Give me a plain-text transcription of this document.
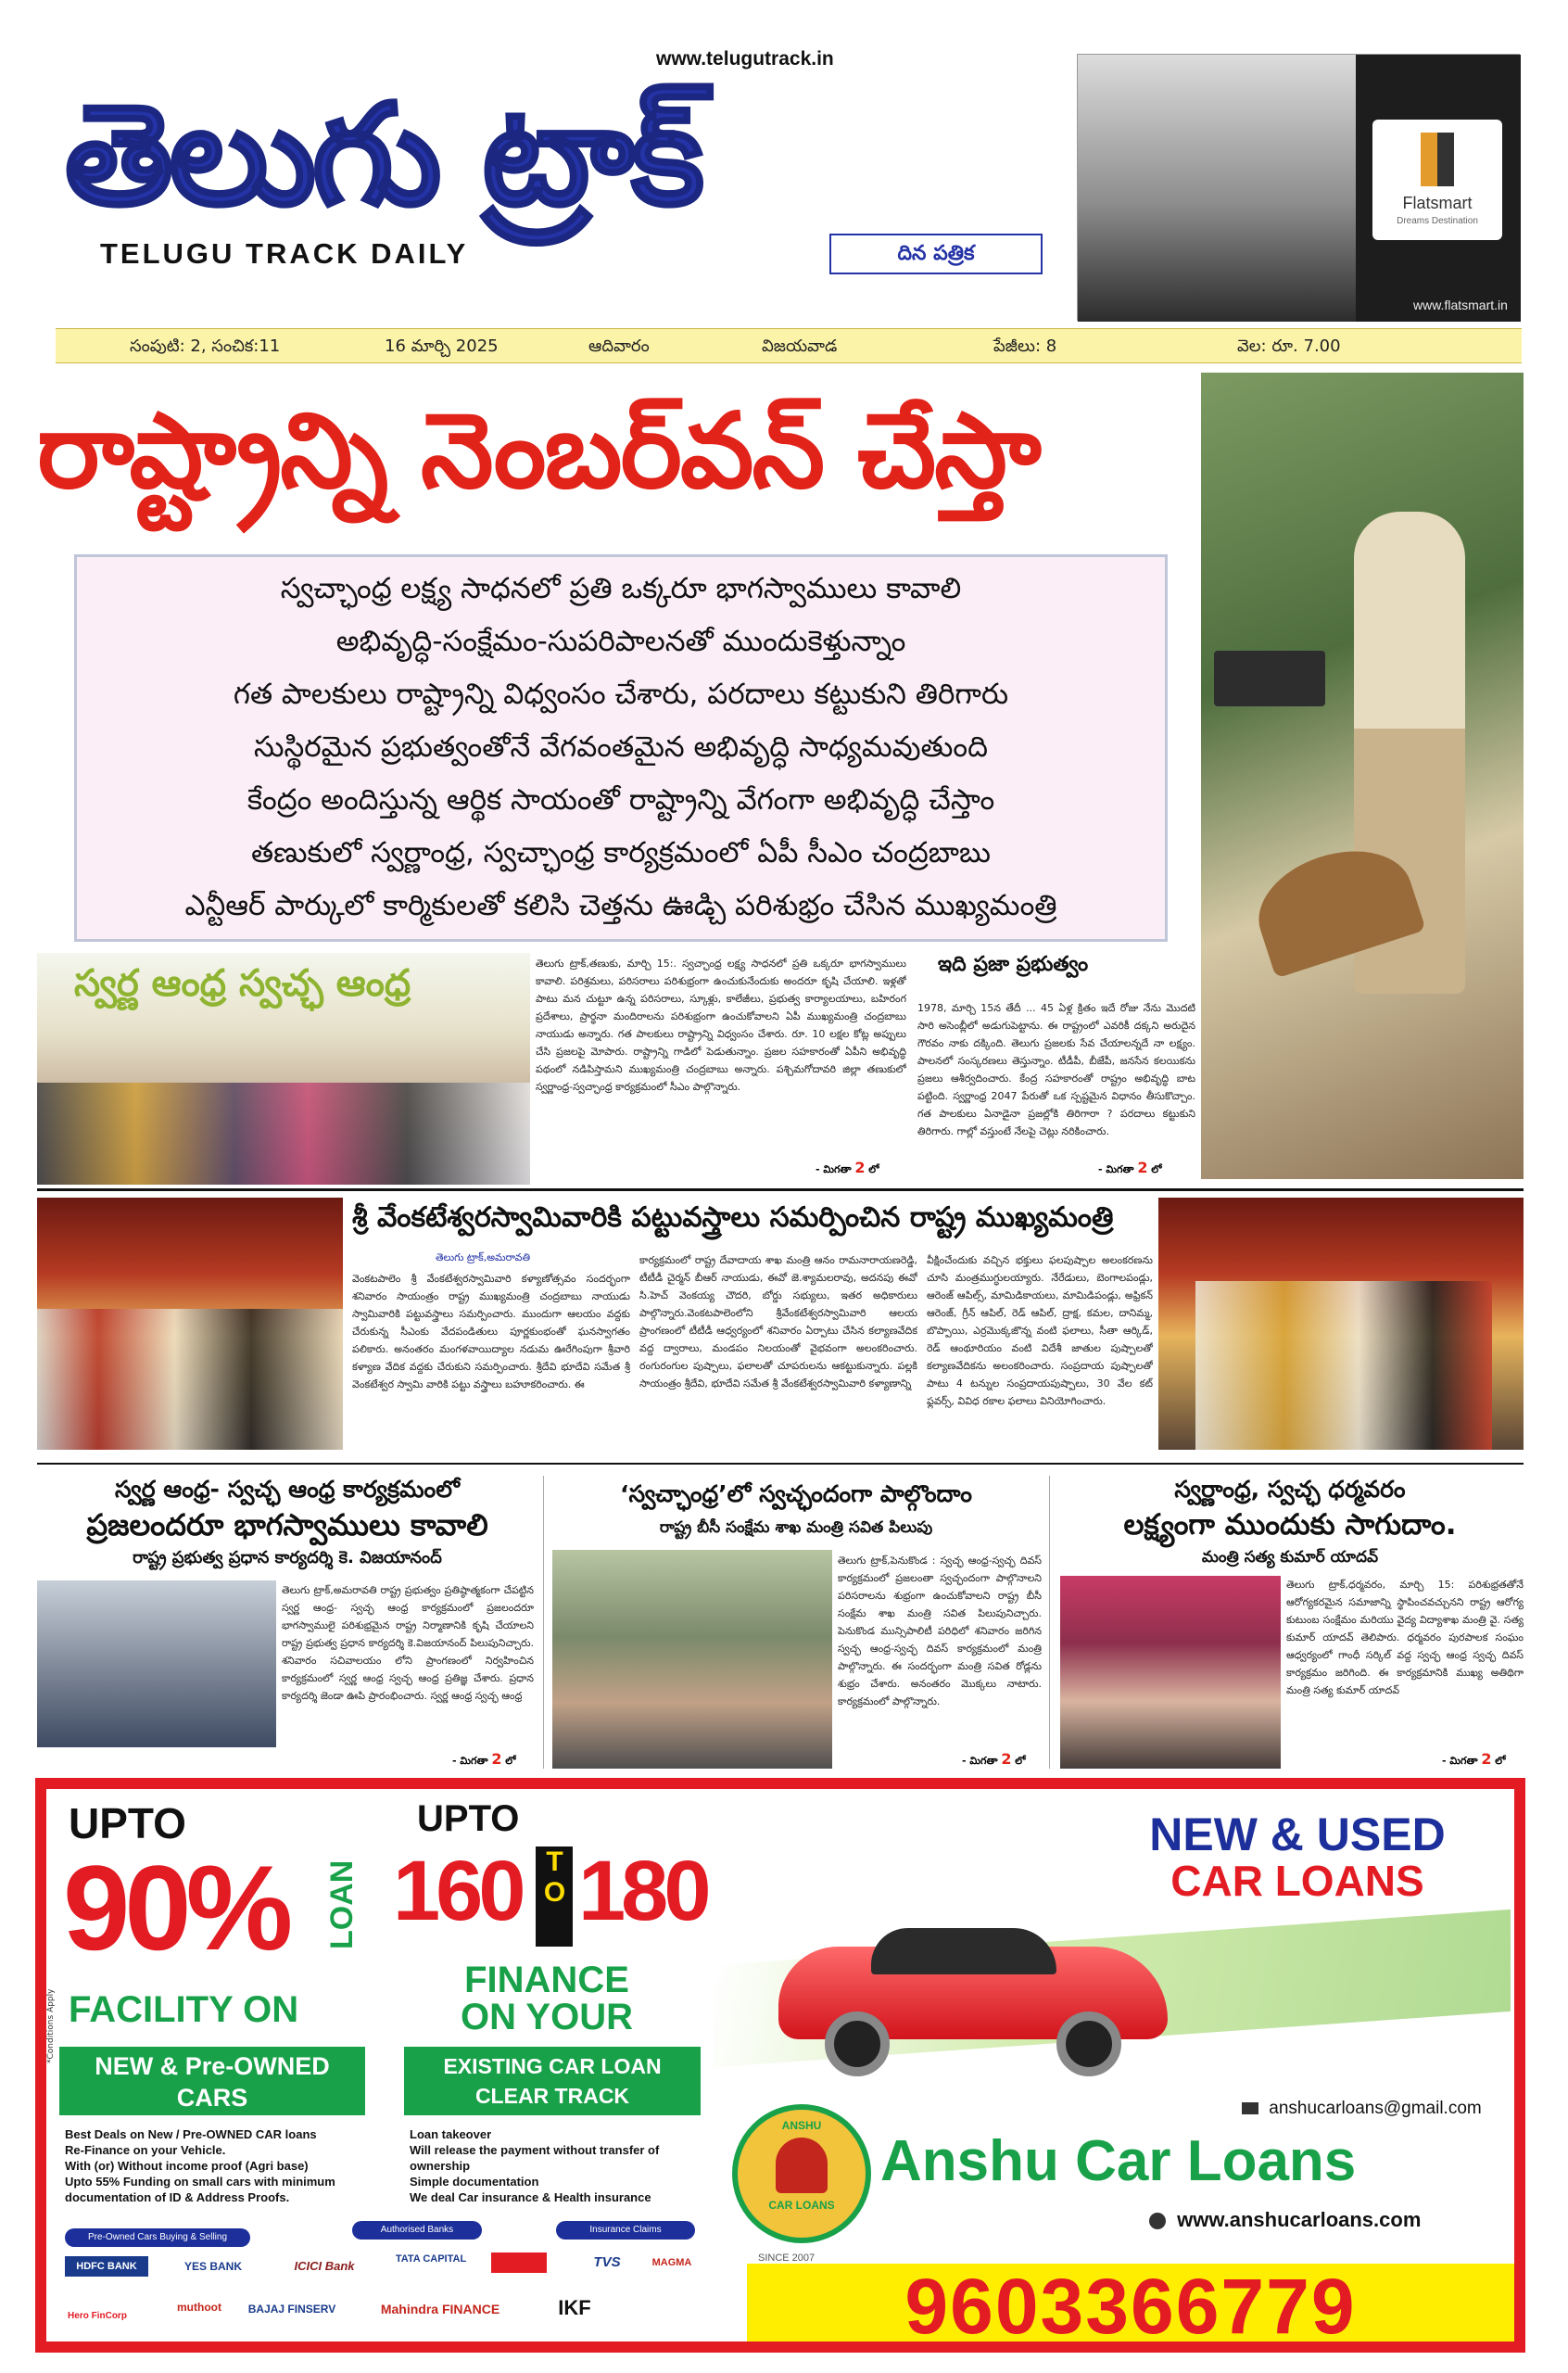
www.telugutrack.in
తెలుగు ట్రాక్
TELUGU TRACK DAILY	దిన పత్రిక
Flatsmart
Dreams Destination
www.flatsmart.in
సంపుటి: 2, సంచిక:11	16 మార్చి 2025	ఆదివారం	విజయవాడ	పేజీలు: 8	వెల: రూ. 7.00
రాష్ట్రాన్ని నెంబర్‌వన్ చేస్తా
స్వచ్ఛాంధ్ర లక్ష్య సాధనలో ప్రతి ఒక్కరూ భాగస్వాములు కావాలి
అభివృద్ధి-సంక్షేమం-సుపరిపాలనతో ముందుకెళ్తున్నాం
గత పాలకులు రాష్ట్రాన్ని విధ్వంసం చేశారు, పరదాలు కట్టుకుని తిరిగారు
సుస్థిరమైన ప్రభుత్వంతోనే వేగవంతమైన అభివృద్ధి సాధ్యమవుతుంది
కేంద్రం అందిస్తున్న ఆర్థిక సాయంతో రాష్ట్రాన్ని వేగంగా అభివృద్ధి చేస్తాం
తణుకులో స్వర్ణాంధ్ర, స్వచ్ఛాంధ్ర కార్యక్రమంలో ఏపీ సీఎం చంద్రబాబు
ఎన్టీఆర్ పార్కులో కార్మికులతో కలిసి చెత్తను ఊడ్చి పరిశుభ్రం చేసిన ముఖ్యమంత్రి
స్వర్ణ ఆంధ్ర స్వచ్ఛ ఆంధ్ర	తెలుగు ట్రాక్,తణుకు, మార్చి 15:. స్వచ్ఛాంధ్ర లక్ష్య సాధనలో ప్రతి ఒక్కరూ భాగస్వాములు కావాలి. పరిశ్రమలు, పరిసరాలు పరిశుభ్రంగా ఉంచుకునేందుకు అందరూ కృషి చేయాలి. ఇళ్లతో పాటు మన చుట్టూ ఉన్న పరిసరాలు, స్కూళ్లు, కాలేజీలు, ప్రభుత్వ కార్యాలయాలు, బహిరంగ ప్రదేశాలు, ప్రార్థనా మందిరాలను పరిశుభ్రంగా ఉంచుకోవాలని ఏపీ ముఖ్యమంత్రి చంద్రబాబు నాయుడు అన్నారు. గత పాలకులు రాష్ట్రాన్ని విధ్వంసం చేశారు. రూ. 10 లక్షల కోట్ల అప్పులు చేసి ప్రజలపై మోపారు. రాష్ట్రాన్ని గాడిలో పెడుతున్నాం. ప్రజల సహకారంతో ఏపీని అభివృద్ధి పథంలో నడిపిస్తామని ముఖ్యమంత్రి చంద్రబాబు అన్నారు. పశ్చిమగోదావరి జిల్లా తణుకులో స్వర్ణాంధ్ర-స్వచ్ఛాంధ్ర కార్యక్రమంలో సీఎం పాల్గొన్నారు.
- మిగతా 2 లో
ఇది ప్రజా ప్రభుత్వం
1978, మార్చి 15న తేదీ ... 45 ఏళ్ల క్రితం ఇదే రోజు నేను మొదటి సారి అసెంబ్లీలో అడుగుపెట్టాను. ఈ రాష్ట్రంలో ఎవరికీ దక్కని అరుదైన గౌరవం నాకు దక్కింది. తెలుగు ప్రజలకు సేవ చేయాలన్నదే నా లక్ష్యం. పాలనలో సంస్కరణలు తెస్తున్నాం. టీడీపీ, బీజేపీ, జనసేన కలయికను ప్రజలు ఆశీర్వదించారు. కేంద్ర సహకారంతో రాష్ట్రం అభివృద్ధి బాట పట్టింది. స్వర్ణాంధ్ర 2047 పేరుతో ఒక స్పష్టమైన విధానం తీసుకొచ్చాం. గత పాలకులు ఏనాడైనా ప్రజల్లోకి తిరిగారా ? పరదాలు కట్టుకుని తిరిగారు. గాల్లో వస్తుంటే నేలపై చెట్లు నరికించారు.
- మిగతా 2 లో
శ్రీ వేంకటేశ్వరస్వామివారికి పట్టువస్త్రాలు సమర్పించిన రాష్ట్ర ముఖ్యమంత్రి
తెలుగు ట్రాక్,అమరావతి
వెంకటపాలెం శ్రీ వేంకటేశ్వరస్వామివారి కళ్యాణోత్సవం సందర్భంగా శనివారం సాయంత్రం రాష్ట్ర ముఖ్యమంత్రి చంద్రబాబు నాయుడు స్వామివారికి పట్టువస్త్రాలు సమర్పించారు. ముందుగా ఆలయం వద్దకు చేరుకున్న సీఎంకు వేదపండితులు పూర్ణకుంభంతో ఘనస్వాగతం పలికారు. అనంతరం మంగళవాయిద్యాల నడుమ ఊరేగింపుగా శ్రీవారి కళ్యాణ వేదిక వద్దకు చేరుకుని సమర్పించారు. శ్రీదేవి భూదేవి సమేత శ్రీ వెంకటేశ్వర స్వామి వారికి పట్టు వస్త్రాలు బహూకరించారు. ఈ
కార్యక్రమంలో రాష్ట్ర దేవాదాయ శాఖ మంత్రి ఆనం రామనారాయణరెడ్డి, టీటీడీ చైర్మన్ బీఆర్ నాయుడు, ఈవో జె.శ్యామలరావు, అదనపు ఈవో సి.హెచ్ వెంకయ్య చౌదరి, బోర్డు సభ్యులు, ఇతర అధికారులు పాల్గొన్నారు.వెంకటపాలెంలోని శ్రీవేంకటేశ్వరస్వామివారి ఆలయ ప్రాంగణంలో టీటీడీ ఆధ్వర్యంలో శనివారం ఏర్పాటు చేసిన కల్యాణవేదిక వద్ద ద్వారాలు, మండపం నిలయంతో వైభవంగా అలంకరించారు. రంగురంగుల పుష్పాలు, ఫలాలతో చూపరులను ఆకట్టుకున్నారు. పల్లకి సాయంత్రం శ్రీదేవి, భూదేవి సమేత శ్రీ వేంకటేశ్వరస్వామివారి కళ్యాణాన్ని
వీక్షించేందుకు వచ్చిన భక్తులు ఫలపుష్పాల అలంకరణను చూసి మంత్రముగ్ధులయ్యారు. నేరేడులు, బెంగాలపండ్లు, ఆరెంజ్ ఆపిల్స్, మామిడికాయలు, మామిడిపండ్లు, అఫ్రికన్ ఆరెంజ్, గ్రీన్ ఆపిల్, రెడ్ ఆపిల్, ద్రాక్ష, కమల, దానిమ్మ, బొప్పాయి, ఎర్రమొక్కజొన్న వంటి ఫలాలు, సీతా ఆర్కిడ్, రెడ్ ఆంథూరియం వంటి విదేశీ జాతుల పుష్పాలతో కల్యాణవేదికను అలంకరించారు. సంప్రదాయ పుష్పాలతో పాటు 4 టన్నుల సంప్రదాయపుష్పాలు, 30 వేల కట్ ఫ్లవర్స్, వివిధ రకాల ఫలాలు వినియోగించారు.
స్వర్ణ ఆంధ్ర- స్వచ్ఛ ఆంధ్ర కార్యక్రమంలో
ప్రజలందరూ భాగస్వాములు కావాలి
రాష్ట్ర ప్రభుత్వ ప్రధాన కార్యదర్శి కె. విజయానంద్
తెలుగు ట్రాక్,అమరావతి రాష్ట్ర ప్రభుత్వం ప్రతిష్ఠాత్మకంగా చేపట్టిన స్వర్ణ ఆంధ్ర- స్వచ్ఛ ఆంధ్ర కార్యక్రమంలో ప్రజలందరూ భాగస్వాములై పరిశుభ్రమైన రాష్ట్ర నిర్మాణానికి కృషి చేయాలని రాష్ట్ర ప్రభుత్వ ప్రధాన కార్యదర్శి కె.విజయానంద్ పిలుపునిచ్చారు. శనివారం సచివాలయం లోని ప్రాంగణంలో నిర్వహించిన కార్యక్రమంలో స్వర్ణ ఆంధ్ర స్వచ్ఛ ఆంధ్ర ప్రతిజ్ఞ చేశారు. ప్రధాన కార్యదర్శి జెండా ఊపి ప్రారంభించారు. స్వర్ణ ఆంధ్ర స్వచ్ఛ ఆంధ్ర
- మిగతా 2 లో
‘స్వచ్ఛాంధ్ర’లో స్వచ్ఛందంగా పాల్గొందాం
రాష్ట్ర బీసీ సంక్షేమ శాఖ మంత్రి సవిత పిలుపు
తెలుగు ట్రాక్,పెనుకొండ : స్వచ్ఛ ఆంధ్ర-స్వచ్ఛ దివస్ కార్యక్రమంలో ప్రజలంతా స్వచ్ఛందంగా పాల్గొనాలని పరిసరాలను శుభ్రంగా ఉంచుకోవాలని రాష్ట్ర బీసీ సంక్షేమ శాఖ మంత్రి సవిత పిలుపునిచ్చారు. పెనుకొండ మున్సిపాలిటీ పరిధిలో శనివారం జరిగిన స్వచ్ఛ ఆంధ్ర-స్వచ్ఛ దివస్ కార్యక్రమంలో మంత్రి పాల్గొన్నారు. ఈ సందర్భంగా మంత్రి సవిత రోడ్లను శుభ్రం చేశారు. అనంతరం మొక్కలు నాటారు. కార్యక్రమంలో పాల్గొన్నారు.
- మిగతా 2 లో
స్వర్ణాంధ్ర, స్వచ్ఛ ధర్మవరం
లక్ష్యంగా ముందుకు సాగుదాం.
మంత్రి సత్య కుమార్ యాదవ్
తెలుగు ట్రాక్,ధర్మవరం, మార్చి 15: పరిశుభ్రతతోనే ఆరోగ్యకరమైన సమాజాన్ని స్థాపించవచ్చునని రాష్ట్ర ఆరోగ్య కుటుంబ సంక్షేమం మరియు వైద్య విద్యాశాఖ మంత్రి వై. సత్య కుమార్ యాదవ్ తెలిపారు. ధర్మవరం పురపాలక సంఘం ఆధ్వర్యంలో గాంధీ సర్కిల్ వద్ద స్వచ్ఛ ఆంధ్ర స్వచ్ఛ దివస్ కార్యక్రమం జరిగింది. ఈ కార్యక్రమానికి ముఖ్య అతిథిగా మంత్రి సత్య కుమార్ యాదవ్
- మిగతా 2 లో
UPTO
90% LOAN
*Conditions Apply FACILITY ON
NEW & Pre-OWNED CARS
Best Deals on New / Pre-OWNED CAR loans
Re-Finance on your Vehicle.
With (or) Without income proof (Agri base)
Upto 55% Funding on small cars with minimum documentation of ID & Address Proofs.
UPTO
160 TO 180
FINANCE ON YOUR
EXISTING CAR LOAN CLEAR TRACK
Loan takeover
Will release the payment without transfer of ownership
Simple documentation
We deal Car insurance & Health insurance
NEW & USED
CAR LOANS
anshucarloans@gmail.com
ANSHU
CAR LOANS
SINCE 2007
Anshu Car Loans
www.anshucarloans.com
9603366779
Pre-Owned Cars Buying & Selling
Authorised Banks	Insurance Claims
HDFC BANK	YES BANK	ICICI Bank	TATA CAPITAL	TVS	MAGMA
Hero FinCorp
muthoot	BAJAJ FINSERV	Mahindra FINANCE	IKF
